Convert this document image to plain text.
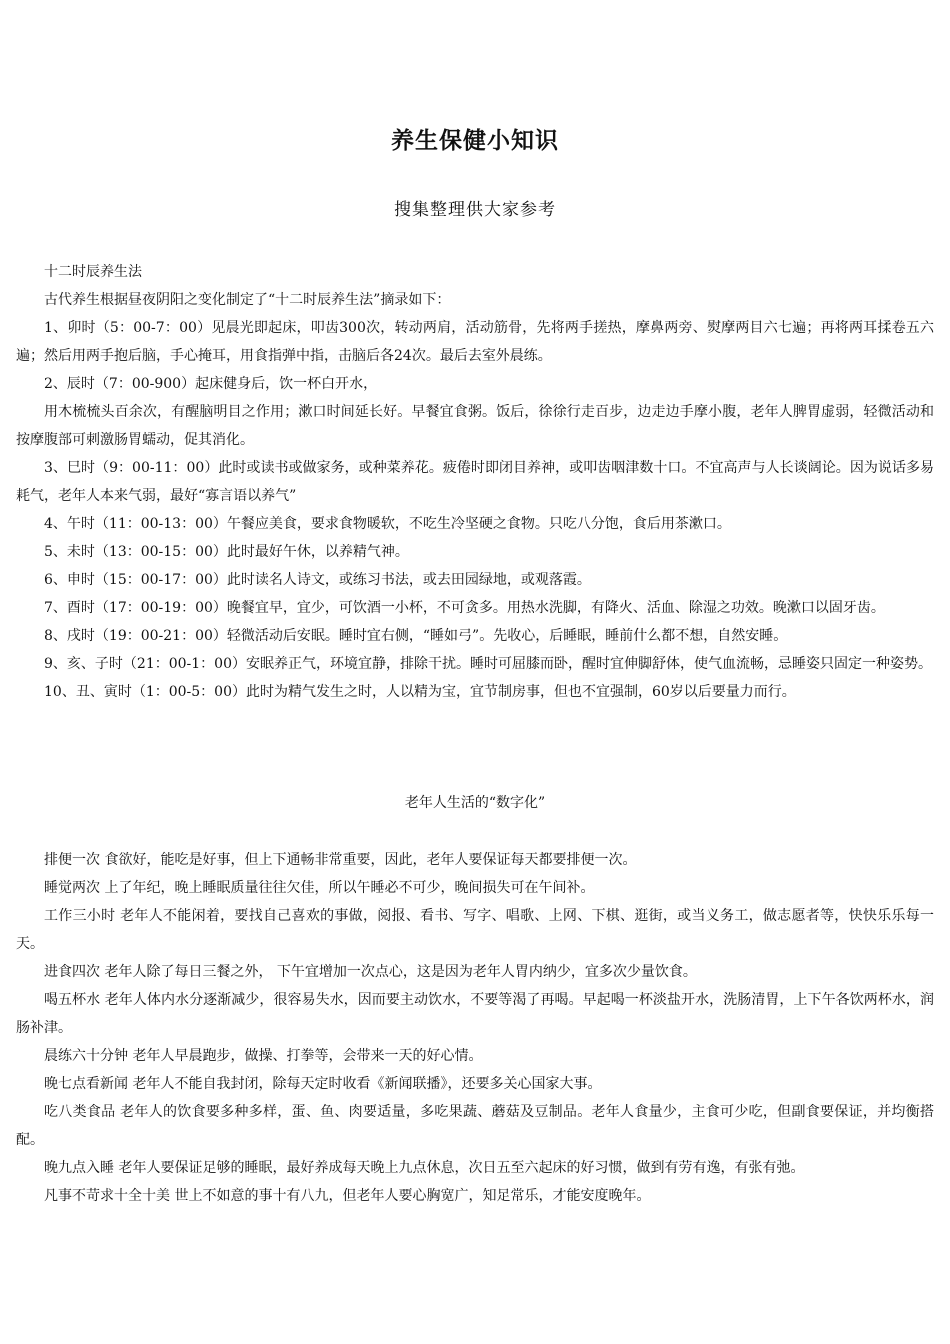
养生保健小知识
搜集整理供大家参考

十二时辰养生法

古代养生根据昼夜阴阳之变化制定了“十二时辰养生法”摘录如下：

1、卯时（5：00-7：00）见晨光即起床，叩齿300次，转动两肩，活动筋骨，先将两手搓热，摩鼻两旁、熨摩两目六七遍；再将两耳揉卷五六遍；然后用两手抱后脑，手心掩耳，用食指弹中指，击脑后各24次。最后去室外晨练。

2、辰时（7：00-900）起床健身后，饮一杯白开水，

用木梳梳头百余次，有醒脑明目之作用；漱口时间延长好。早餐宜食粥。饭后，徐徐行走百步，边走边手摩小腹，老年人脾胃虚弱，轻微活动和按摩腹部可刺激肠胃蠕动，促其消化。

3、巳时（9：00-11：00）此时或读书或做家务，或种菜养花。疲倦时即闭目养神，或叩齿咽津数十口。不宜高声与人长谈阔论。因为说话多易耗气，老年人本来气弱，最好“寡言语以养气”

4、午时（11：00-13：00）午餐应美食，要求食物暖软，不吃生冷坚硬之食物。只吃八分饱，食后用茶漱口。

5、未时（13：00-15：00）此时最好午休，以养精气神。

6、申时（15：00-17：00）此时读名人诗文，或练习书法，或去田园绿地，或观落霞。

7、酉时（17：00-19：00）晚餐宜早，宜少，可饮酒一小杯，不可贪多。用热水洗脚，有降火、活血、除湿之功效。晚漱口以固牙齿。

8、戌时（19：00-21：00）轻微活动后安眠。睡时宜右侧，“睡如弓”。先收心，后睡眠，睡前什么都不想，自然安睡。

9、亥、子时（21：00-1：00）安眠养正气，环境宜静，排除干扰。睡时可屈膝而卧，醒时宜伸脚舒体，使气血流畅，忌睡姿只固定一种姿势。

10、丑、寅时（1：00-5：00）此时为精气发生之时，人以精为宝，宜节制房事，但也不宜强制，60岁以后要量力而行。

老年人生活的“数字化”

排便一次 食欲好，能吃是好事，但上下通畅非常重要，因此，老年人要保证每天都要排便一次。

睡觉两次 上了年纪，晚上睡眠质量往往欠佳，所以午睡必不可少，晚间损失可在午间补。

工作三小时 老年人不能闲着，要找自己喜欢的事做，阅报、看书、写字、唱歌、上网、下棋、逛街，或当义务工，做志愿者等，快快乐乐每一天。

进食四次 老年人除了每日三餐之外， 下午宜增加一次点心，这是因为老年人胃内纳少，宜多次少量饮食。

喝五杯水 老年人体内水分逐渐减少，很容易失水，因而要主动饮水，不要等渴了再喝。早起喝一杯淡盐开水，洗肠清胃，上下午各饮两杯水，润肠补津。

晨练六十分钟 老年人早晨跑步，做操、打拳等，会带来一天的好心情。

晚七点看新闻 老年人不能自我封闭，除每天定时收看《新闻联播》，还要多关心国家大事。

吃八类食品 老年人的饮食要多种多样，蛋、鱼、肉要适量，多吃果蔬、蘑菇及豆制品。老年人食量少，主食可少吃，但副食要保证，并均衡搭配。

晚九点入睡 老年人要保证足够的睡眠，最好养成每天晚上九点休息，次日五至六起床的好习惯，做到有劳有逸，有张有弛。

凡事不苛求十全十美 世上不如意的事十有八九，但老年人要心胸宽广，知足常乐，才能安度晚年。
